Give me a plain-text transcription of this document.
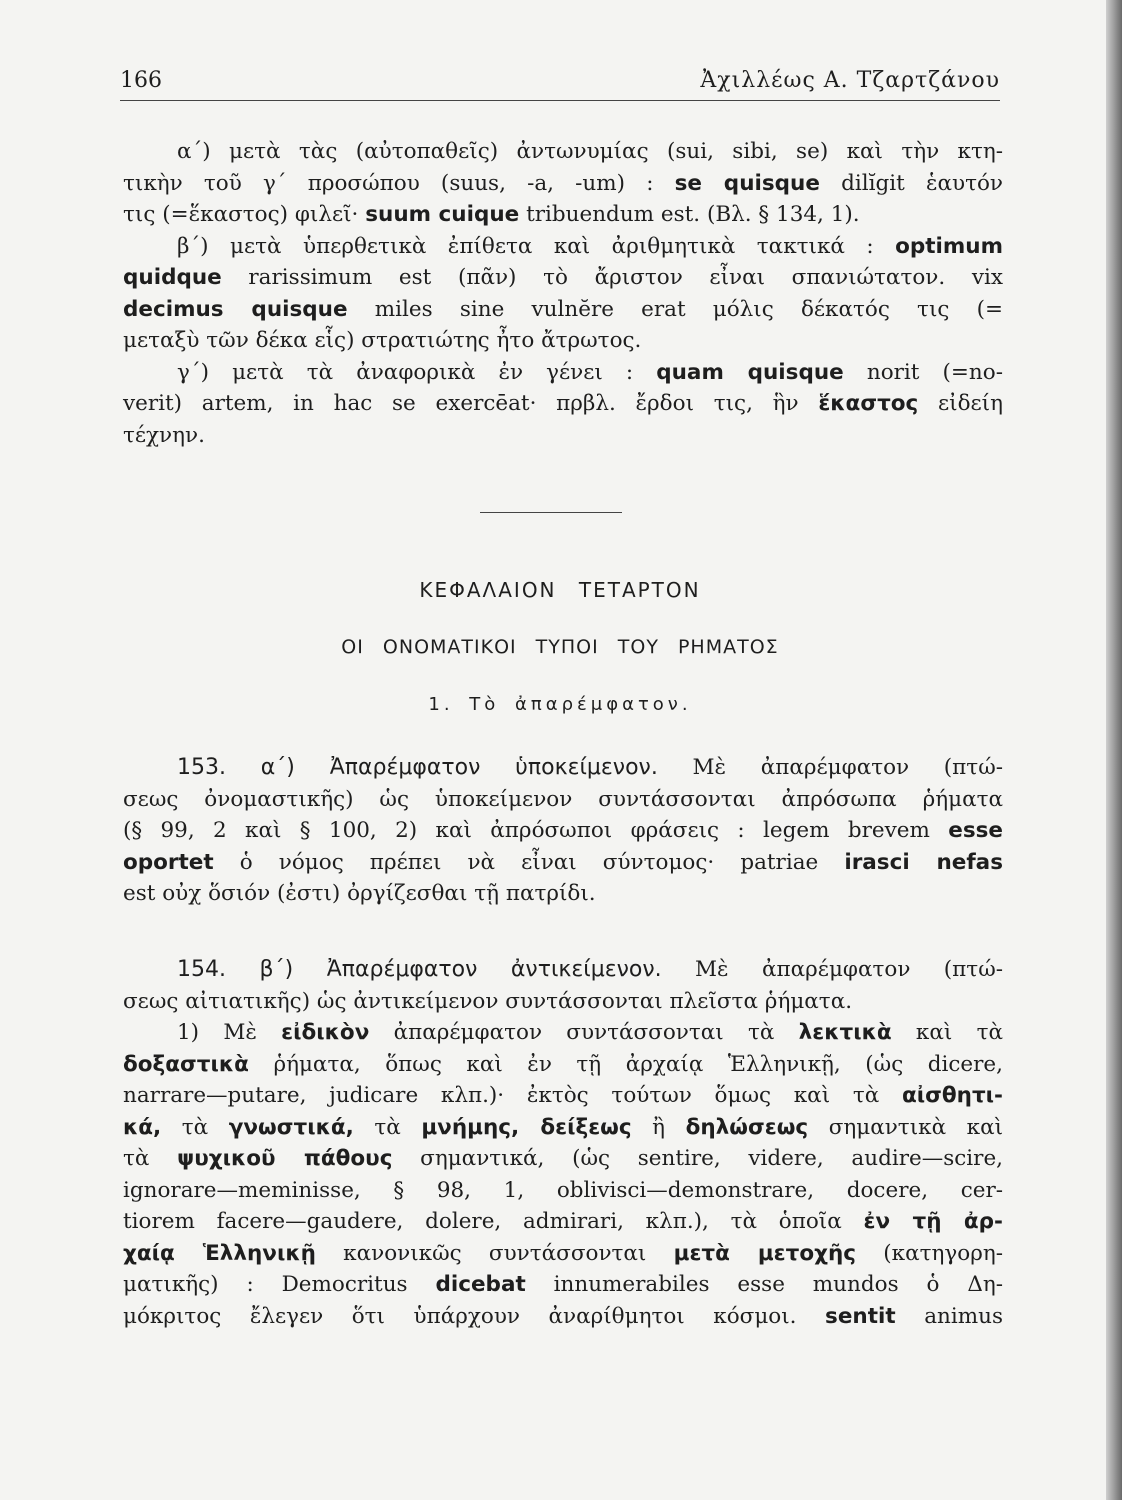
166	Ἀχιλλέως Α. Τζαρτζάνου

α΄) μετὰ τὰς (αὐτοπαθεῖς) ἀντωνυμίας (sui, sibi, se) καὶ τὴν κτη-

τικὴν τοῦ γ΄ προσώπου (suus, -a, -um) : se quisque dilĭgit ἑαυτόν

τις (=ἕκαστος) φιλεῖ· suum cuique tribuendum est. (Βλ. § 134, 1).

β΄) μετὰ ὑπερθετικὰ ἐπίθετα καὶ ἀριθμητικὰ τακτικά : optimum

quidque rarissimum est (πᾶν) τὸ ἄριστον εἶναι σπανιώτατον. vix

decimus quisque miles sine vulnĕre erat μόλις δέκατός τις (=

μεταξὺ τῶν δέκα εἷς) στρατιώτης ἦτο ἄτρωτος.

γ΄) μετὰ τὰ ἀναφορικὰ ἐν γένει : quam quisque norit (=no-

verit) artem, in hac se exercēat· πρβλ. ἔρδοι τις, ἣν ἕκαστος εἰδείη

τέχνην.

ΚΕΦΑΛΑΙΟΝ ΤΕΤΑΡΤΟΝ
ΟΙ ΟΝΟΜΑΤΙΚΟΙ ΤΥΠΟΙ ΤΟΥ ΡΗΜΑΤΟΣ
1. Τὸ ἀπαρέμφατον.

153. α΄) Ἀπαρέμφατον ὑποκείμενον. Μὲ ἀπαρέμφατον (πτώ-

σεως ὀνομαστικῆς) ὡς ὑποκείμενον συντάσσονται ἀπρόσωπα ῥήματα

(§ 99, 2 καὶ § 100, 2) καὶ ἀπρόσωποι φράσεις : legem brevem esse

oportet ὁ νόμος πρέπει νὰ εἶναι σύντομος· patriae irasci nefas

est οὐχ ὅσιόν (ἐστι) ὀργίζεσθαι τῇ πατρίδι.

154. β΄) Ἀπαρέμφατον ἀντικείμενον. Μὲ ἀπαρέμφατον (πτώ-

σεως αἰτιατικῆς) ὡς ἀντικείμενον συντάσσονται πλεῖστα ῥήματα.

1) Μὲ εἰδικὸν ἀπαρέμφατον συντάσσονται τὰ λεκτικὰ καὶ τὰ

δοξαστικὰ ῥήματα, ὅπως καὶ ἐν τῇ ἀρχαίᾳ Ἑλληνικῇ, (ὡς dicere,

narrare—putare, judicare κλπ.)· ἐκτὸς τούτων ὅμως καὶ τὰ αἰσθητι-

κά, τὰ γνωστικά, τὰ μνήμης, δείξεως ἢ δηλώσεως σημαντικὰ καὶ

τὰ ψυχικοῦ πάθους σημαντικά, (ὡς sentire, videre, audire—scire,

ignorare—meminisse, § 98, 1, oblivisci—demonstrare, docere, cer-

tiorem facere—gaudere, dolere, admirari, κλπ.), τὰ ὁποῖα ἐν τῇ ἀρ-

χαίᾳ Ἑλληνικῇ κανονικῶς συντάσσονται μετὰ μετοχῆς (κατηγορη-

ματικῆς) : Democritus dicebat innumerabiles esse mundos ὁ Δη-

μόκριτος ἔλεγεν ὅτι ὑπάρχουν ἀναρίθμητοι κόσμοι. sentit animus
